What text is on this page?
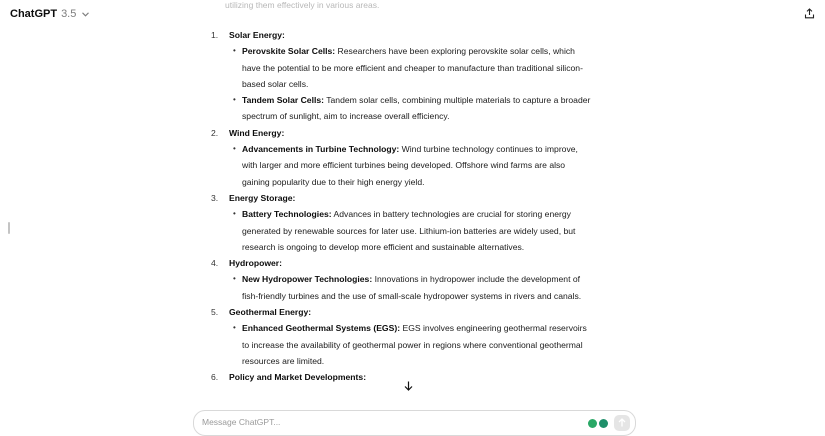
ChatGPT 3.5
utilizing them effectively in various areas.
1.	Solar Energy:
• Perovskite Solar Cells: Researchers have been exploring perovskite solar cells, which have the potential to be more efficient and cheaper to manufacture than traditional silicon-based solar cells.
• Tandem Solar Cells: Tandem solar cells, combining multiple materials to capture a broader spectrum of sunlight, aim to increase overall efficiency.
2.	Wind Energy:
• Advancements in Turbine Technology: Wind turbine technology continues to improve, with larger and more efficient turbines being developed. Offshore wind farms are also gaining popularity due to their high energy yield.
3.	Energy Storage:
• Battery Technologies: Advances in battery technologies are crucial for storing energy generated by renewable sources for later use. Lithium-ion batteries are widely used, but research is ongoing to develop more efficient and sustainable alternatives.
4.	Hydropower:
• New Hydropower Technologies: Innovations in hydropower include the development of fish-friendly turbines and the use of small-scale hydropower systems in rivers and canals.
5.	Geothermal Energy:
• Enhanced Geothermal Systems (EGS): EGS involves engineering geothermal reservoirs to increase the availability of geothermal power in regions where conventional geothermal resources are limited.
6.	Policy and Market Developments:
Message ChatGPT...
